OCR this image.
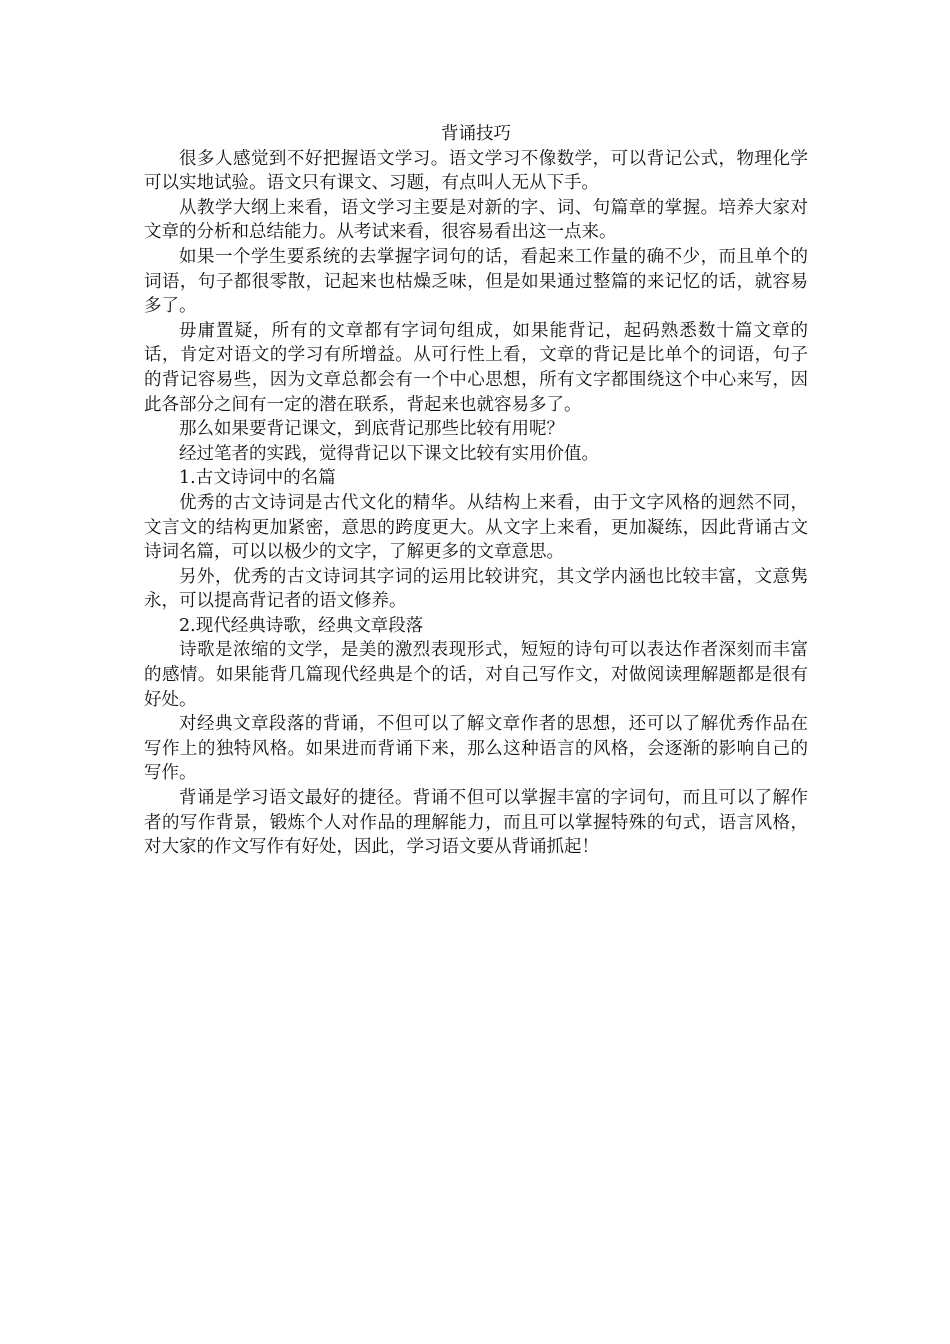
背诵技巧

很多人感觉到不好把握语文学习。语文学习不像数学，可以背记公式，物理化学可以实地试验。语文只有课文、习题，有点叫人无从下手。

从教学大纲上来看，语文学习主要是对新的字、词、句篇章的掌握。培养大家对文章的分析和总结能力。从考试来看，很容易看出这一点来。

如果一个学生要系统的去掌握字词句的话，看起来工作量的确不少，而且单个的词语，句子都很零散，记起来也枯燥乏味，但是如果通过整篇的来记忆的话，就容易多了。

毋庸置疑，所有的文章都有字词句组成，如果能背记，起码熟悉数十篇文章的话，肯定对语文的学习有所增益。从可行性上看，文章的背记是比单个的词语，句子的背记容易些，因为文章总都会有一个中心思想，所有文字都围绕这个中心来写，因此各部分之间有一定的潜在联系，背起来也就容易多了。

那么如果要背记课文，到底背记那些比较有用呢？

经过笔者的实践，觉得背记以下课文比较有实用价值。

1.古文诗词中的名篇

优秀的古文诗词是古代文化的精华。从结构上来看，由于文字风格的迥然不同，文言文的结构更加紧密，意思的跨度更大。从文字上来看，更加凝练，因此背诵古文诗词名篇，可以以极少的文字，了解更多的文章意思。

另外，优秀的古文诗词其字词的运用比较讲究，其文学内涵也比较丰富，文意隽永，可以提高背记者的语文修养。

2.现代经典诗歌，经典文章段落

诗歌是浓缩的文学，是美的激烈表现形式，短短的诗句可以表达作者深刻而丰富的感情。如果能背几篇现代经典是个的话，对自己写作文，对做阅读理解题都是很有好处。

对经典文章段落的背诵，不但可以了解文章作者的思想，还可以了解优秀作品在写作上的独特风格。如果进而背诵下来，那么这种语言的风格，会逐渐的影响自己的写作。

背诵是学习语文最好的捷径。背诵不但可以掌握丰富的字词句，而且可以了解作者的写作背景，锻炼个人对作品的理解能力，而且可以掌握特殊的句式，语言风格，对大家的作文写作有好处，因此，学习语文要从背诵抓起！
